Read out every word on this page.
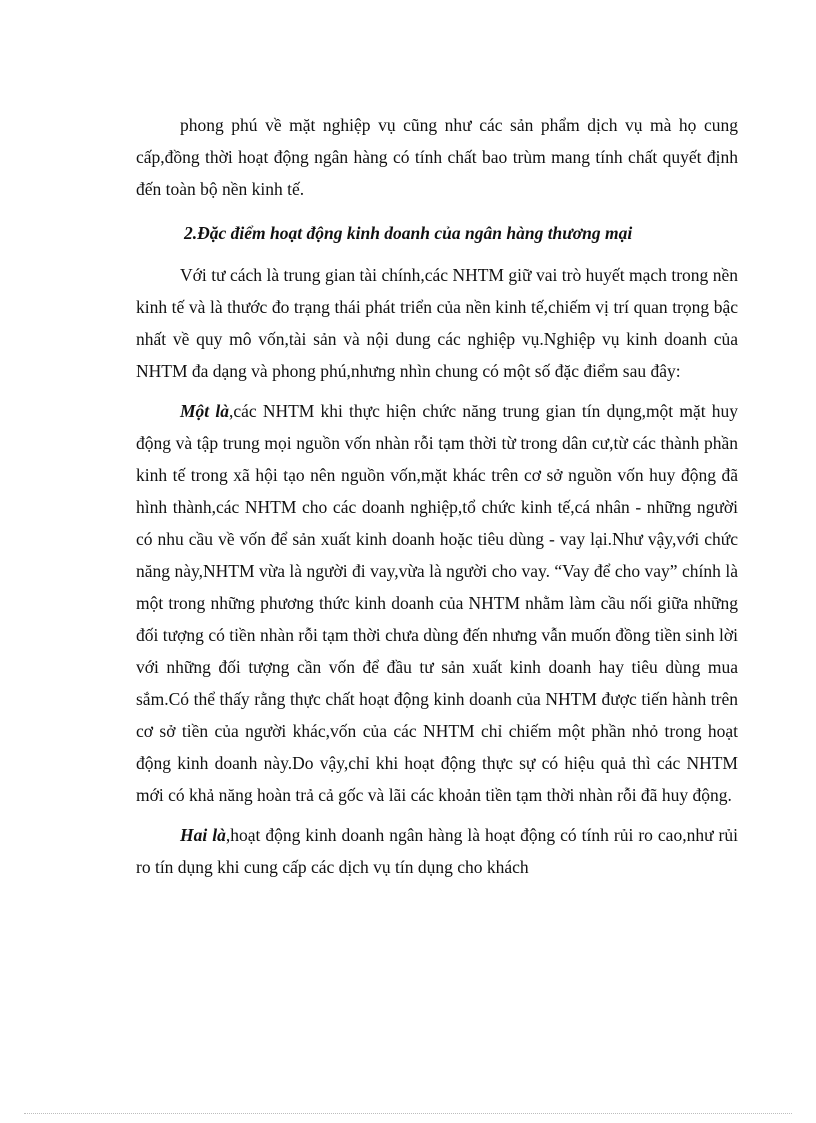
phong phú về mặt nghiệp vụ cũng như các sản phẩm dịch vụ mà họ cung cấp,đồng thời hoạt động ngân hàng có tính chất bao trùm mang tính chất quyết định đến toàn bộ nền kinh tế.

2.Đặc điểm hoạt động kinh doanh của ngân hàng thương mại

Với tư cách là trung gian tài chính,các NHTM giữ vai trò huyết mạch trong nền kinh tế và là thước đo trạng thái phát triển của nền kinh tế,chiếm vị trí quan trọng bậc nhất về quy mô vốn,tài sản và nội dung các nghiệp vụ.Nghiệp vụ kinh doanh của NHTM đa dạng và phong phú,nhưng nhìn chung có một số đặc điểm sau đây:

Một là,các NHTM khi thực hiện chức năng trung gian tín dụng,một mặt huy động và tập trung mọi nguồn vốn nhàn rỗi tạm thời từ trong dân cư,từ các thành phần kinh tế trong xã hội tạo nên nguồn vốn,mặt khác trên cơ sở nguồn vốn huy động đã hình thành,các NHTM cho các doanh nghiệp,tổ chức kinh tế,cá nhân - những người có nhu cầu về vốn để sản xuất kinh doanh hoặc tiêu dùng - vay lại.Như vậy,với chức năng này,NHTM vừa là người đi vay,vừa là người cho vay. “Vay để cho vay” chính là một trong những phương thức kinh doanh của NHTM nhằm làm cầu nối giữa những đối tượng có tiền nhàn rỗi tạm thời chưa dùng đến nhưng vẫn muốn đồng tiền sinh lời với những đối tượng cần vốn để đầu tư sản xuất kinh doanh hay tiêu dùng mua sắm.Có thể thấy rằng thực chất hoạt động kinh doanh của NHTM được tiến hành trên cơ sở tiền của người khác,vốn của các NHTM chỉ chiếm một phần nhỏ trong hoạt động kinh doanh này.Do vậy,chỉ khi hoạt động thực sự có hiệu quả thì các NHTM mới có khả năng hoàn trả cả gốc và lãi các khoản tiền tạm thời nhàn rỗi đã huy động.

Hai là,hoạt động kinh doanh ngân hàng là hoạt động có tính rủi ro cao,như rủi ro tín dụng khi cung cấp các dịch vụ tín dụng cho khách
